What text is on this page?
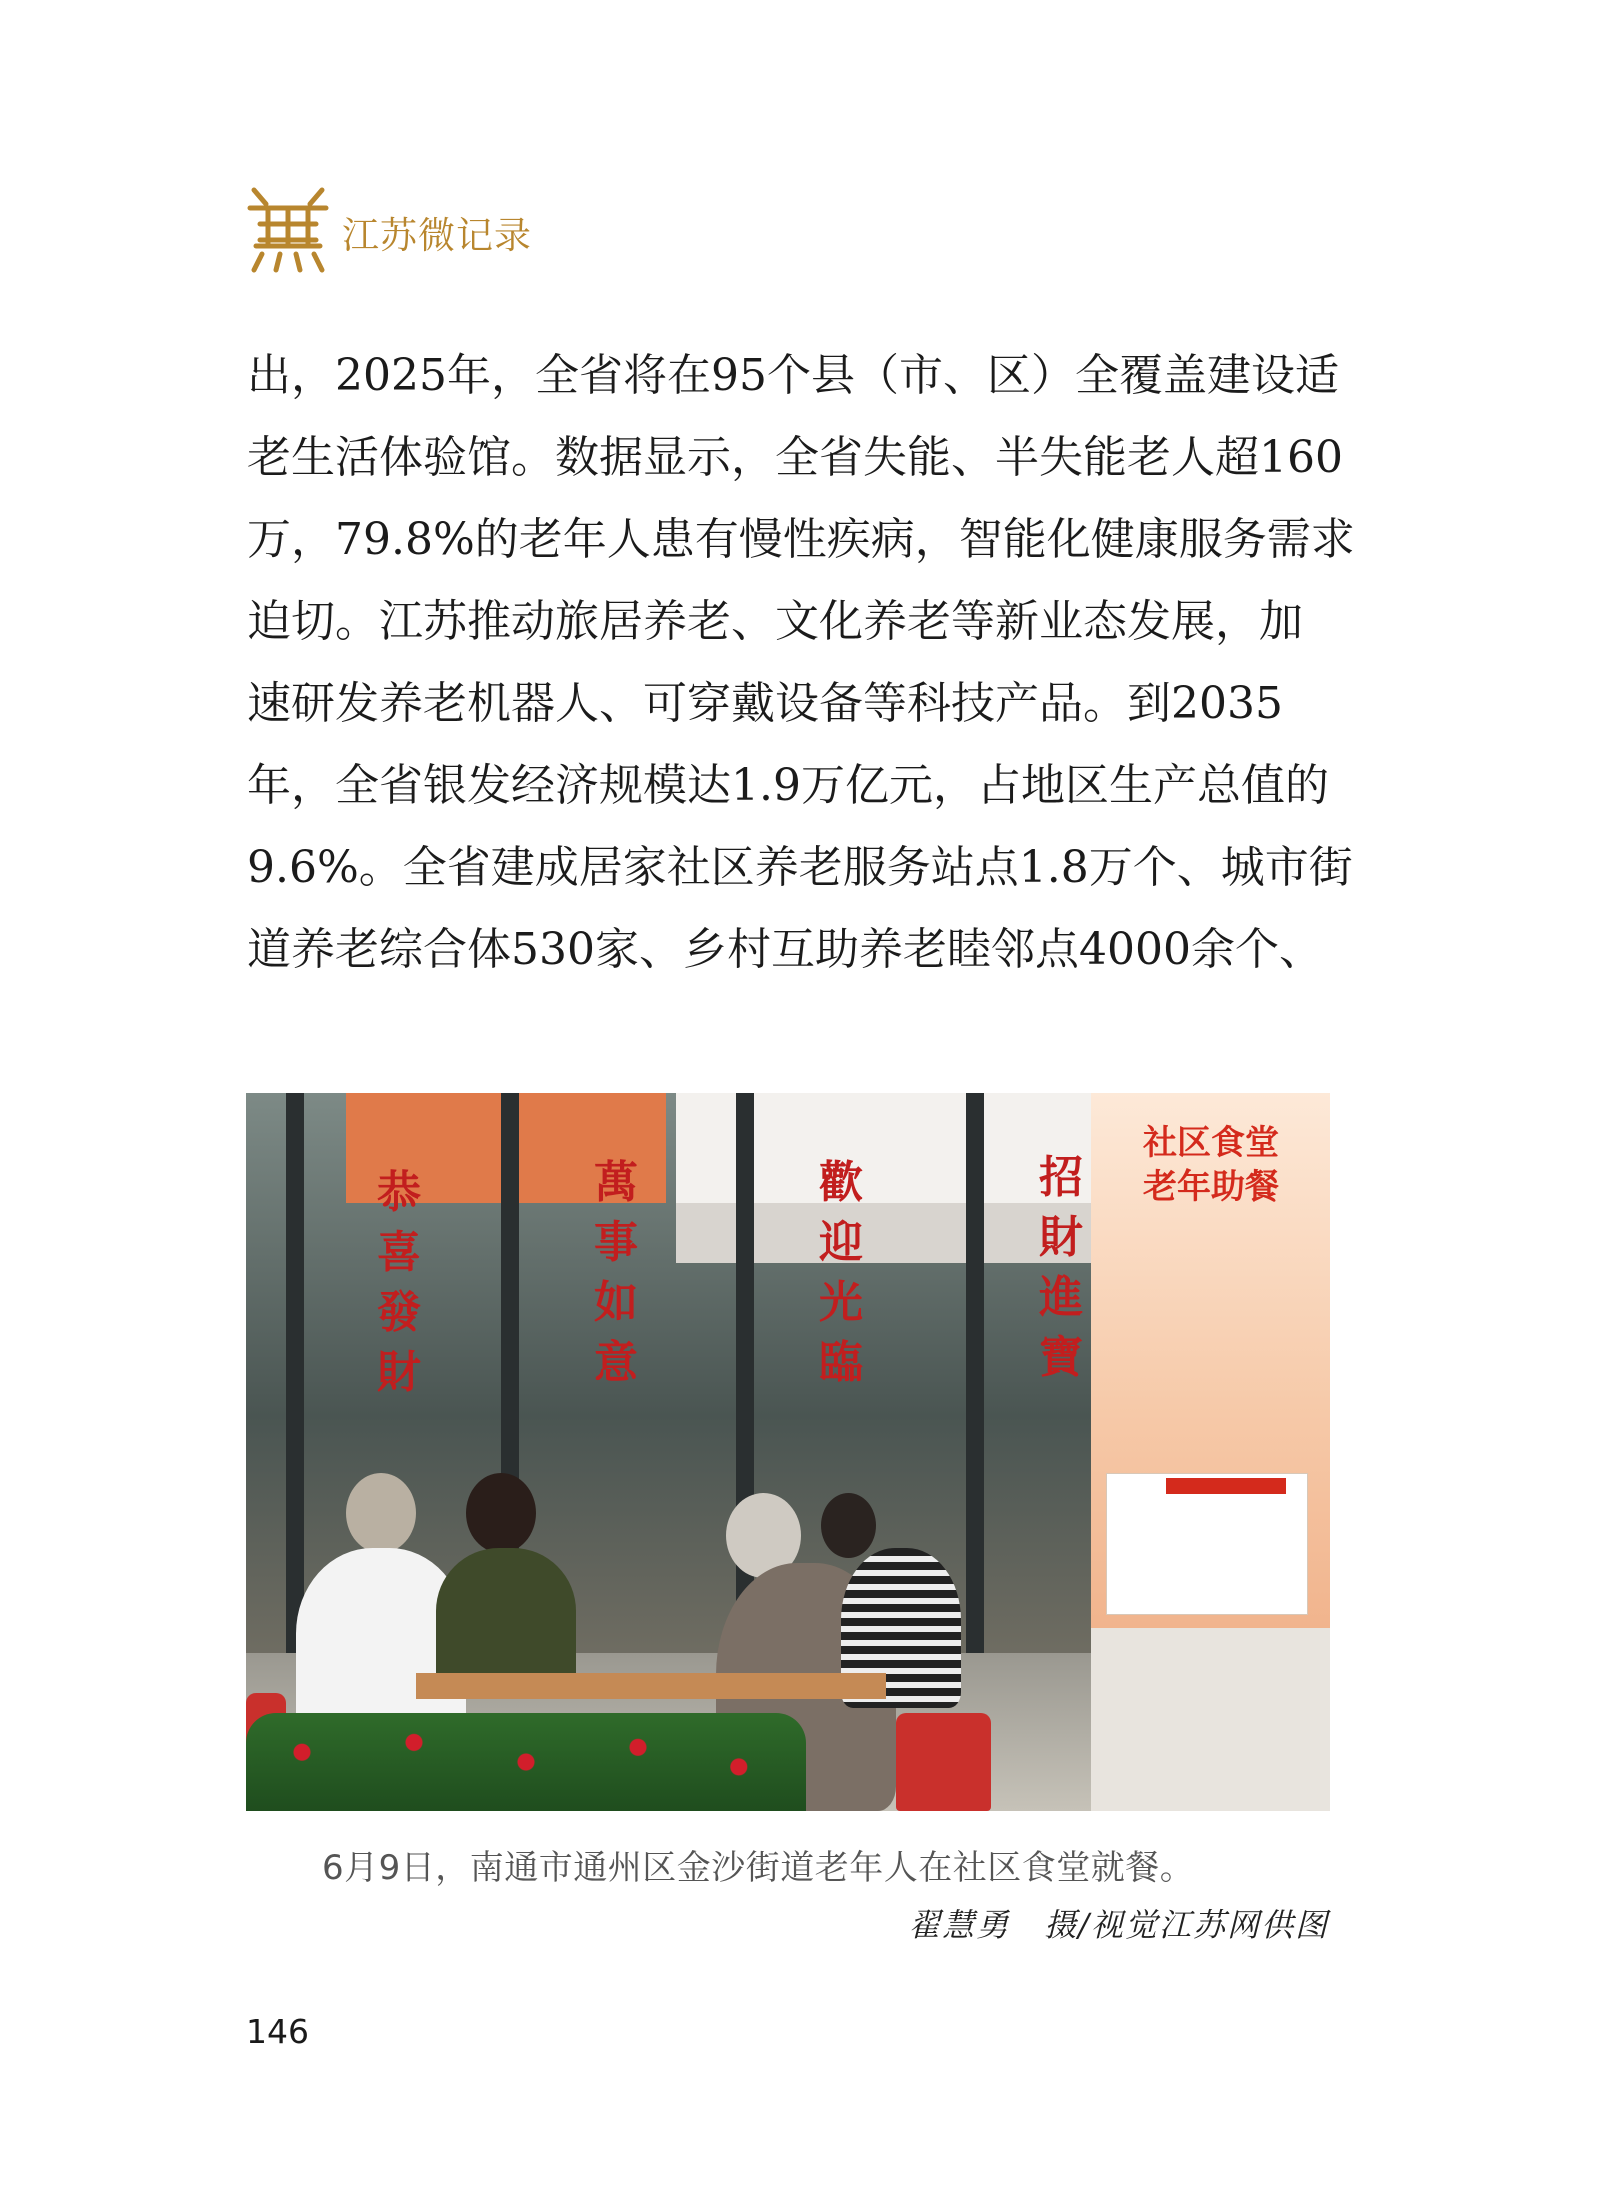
江苏微记录
出，2025年，全省将在95个县（市、区）全覆盖建设适
老生活体验馆。数据显示，全省失能、半失能老人超160
万，79.8%的老年人患有慢性疾病，智能化健康服务需求
迫切。江苏推动旅居养老、文化养老等新业态发展，加
速研发养老机器人、可穿戴设备等科技产品。到2035
年，全省银发经济规模达1.9万亿元，占地区生产总值的
9.6%。全省建成居家社区养老服务站点1.8万个、城市街
道养老综合体530家、乡村互助养老睦邻点4000余个、
恭
喜
發
財
萬
事
如
意
歡
迎
光
臨
招
財
進
寶
社区食堂
老年助餐
6月9日，南通市通州区金沙街道老年人在社区食堂就餐。
翟慧勇　摄/视觉江苏网供图
146
